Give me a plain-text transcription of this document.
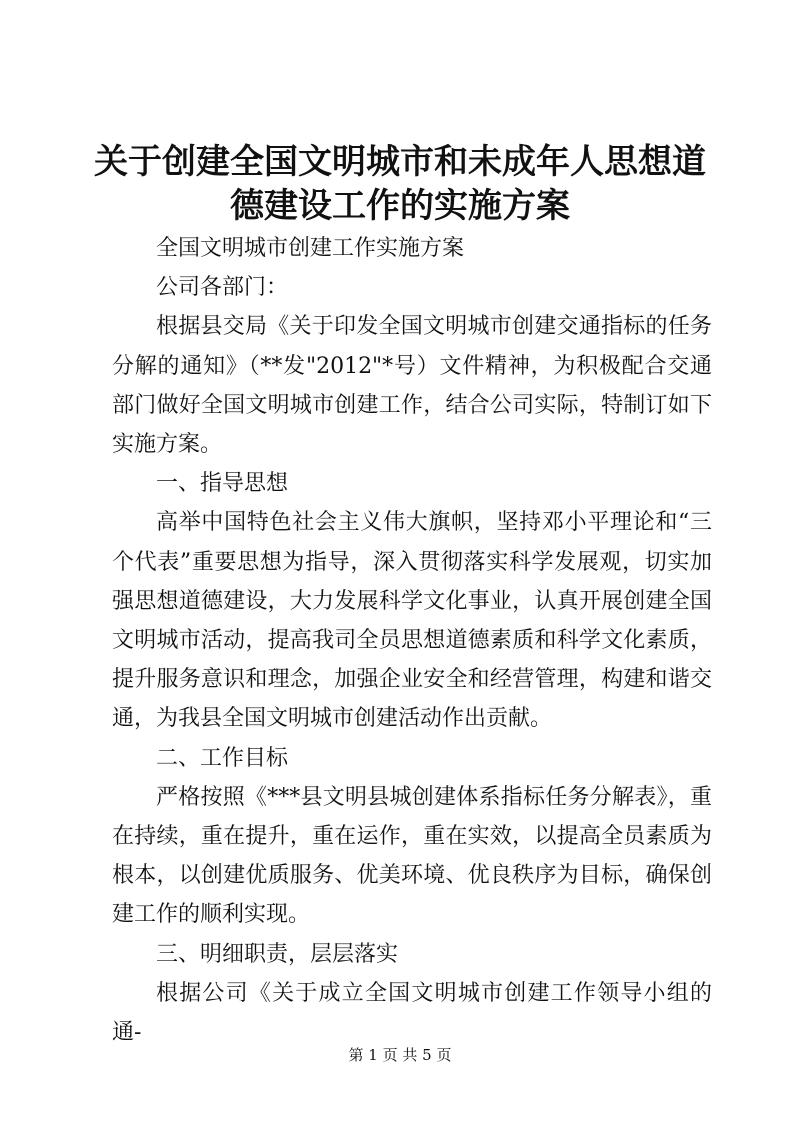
关于创建全国文明城市和未成年人思想道德建设工作的实施方案

全国文明城市创建工作实施方案

公司各部门：

根据县交局《关于印发全国文明城市创建交通指标的任务分解的通知》（**发"2012"*号）文件精神，为积极配合交通部门做好全国文明城市创建工作，结合公司实际，特制订如下实施方案。

一、指导思想

高举中国特色社会主义伟大旗帜，坚持邓小平理论和“三个代表”重要思想为指导，深入贯彻落实科学发展观，切实加强思想道德建设，大力发展科学文化事业，认真开展创建全国文明城市活动，提高我司全员思想道德素质和科学文化素质，提升服务意识和理念，加强企业安全和经营管理，构建和谐交通，为我县全国文明城市创建活动作出贡献。

二、工作目标

严格按照《***县文明县城创建体系指标任务分解表》，重在持续，重在提升，重在运作，重在实效，以提高全员素质为根本，以创建优质服务、优美环境、优良秩序为目标，确保创建工作的顺利实现。

三、明细职责，层层落实

根据公司《关于成立全国文明城市创建工作领导小组的通-

第 1 页 共 5 页
